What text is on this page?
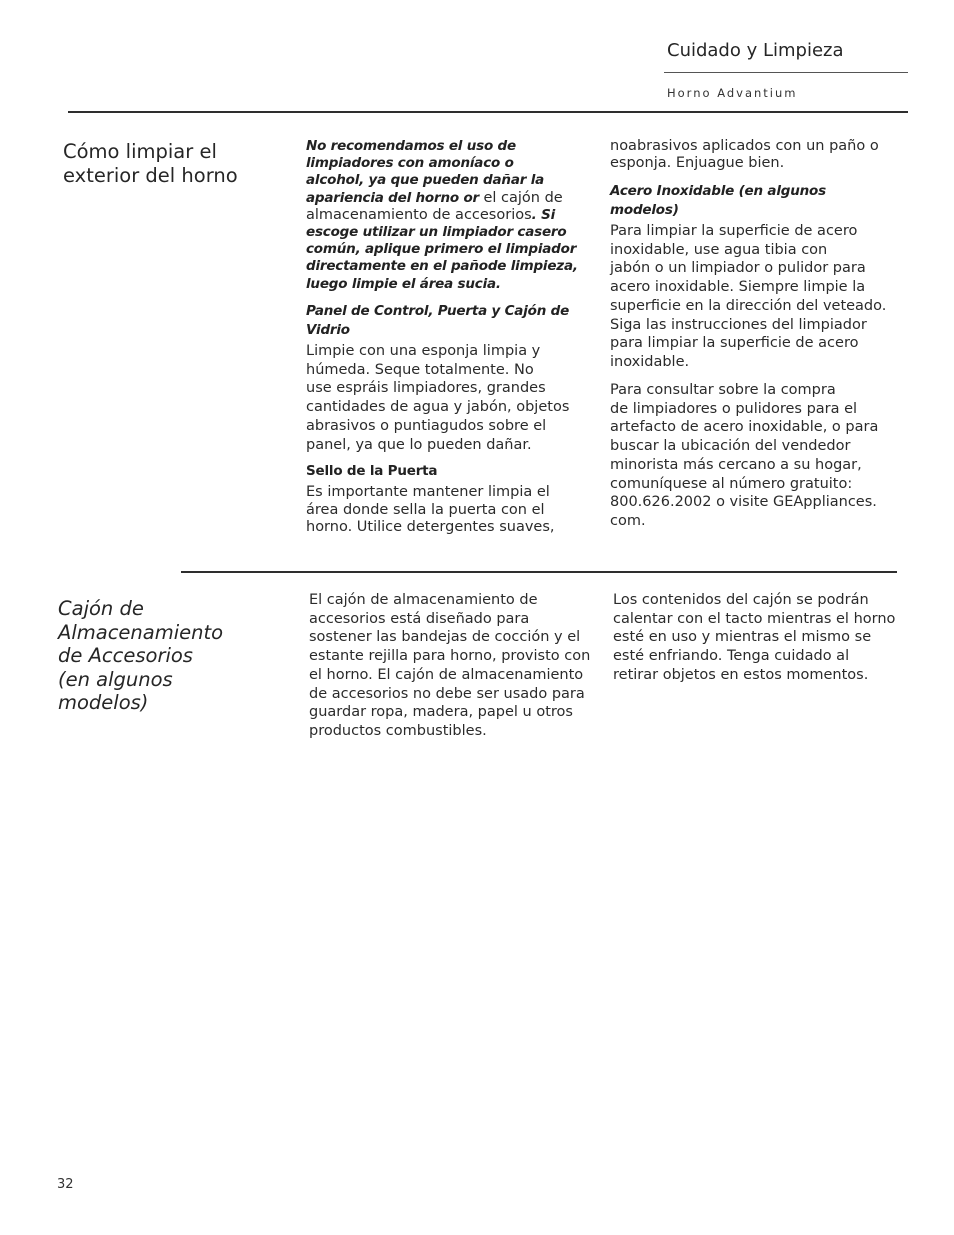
Cuidado y Limpieza
Horno Advantium
Cómo limpiar el
exterior del horno

No recomendamos el uso de
limpiadores con amoníaco o
alcohol, ya que pueden dañar la
apariencia del horno or el cajón de
almacenamiento de accesorios. Si
escoge utilizar un limpiador casero
común, aplique primero el limpiador
directamente en el pañode limpieza,
luego limpie el área sucia.

Panel de Control, Puerta y Cajón de
Vidrio

Limpie con una esponja limpia y
húmeda. Seque totalmente. No
use espráis limpiadores, grandes
cantidades de agua y jabón, objetos
abrasivos o puntiagudos sobre el
panel, ya que lo pueden dañar.

Sello de la Puerta

Es importante mantener limpia el
área donde sella la puerta con el
horno. Utilice detergentes suaves,

noabrasivos aplicados con un paño o
esponja. Enjuague bien.

Acero Inoxidable (en algunos
modelos)

Para limpiar la superficie de acero
inoxidable, use agua tibia con
jabón o un limpiador o pulidor para
acero inoxidable. Siempre limpie la
superficie en la dirección del veteado.
Siga las instrucciones del limpiador
para limpiar la superficie de acero
inoxidable.

Para consultar sobre la compra
de limpiadores o pulidores para el
artefacto de acero inoxidable, o para
buscar la ubicación del vendedor
minorista más cercano a su hogar,
comuníquese al número gratuito:
800.626.2002 o visite GEAppliances.
com.

Cajón de
Almacenamiento
de Accesorios
(en algunos
modelos)

El cajón de almacenamiento de
accesorios está diseñado para
sostener las bandejas de cocción y el
estante rejilla para horno, provisto con
el horno. El cajón de almacenamiento
de accesorios no debe ser usado para
guardar ropa, madera, papel u otros
productos combustibles.

Los contenidos del cajón se podrán
calentar con el tacto mientras el horno
esté en uso y mientras el mismo se
esté enfriando. Tenga cuidado al
retirar objetos en estos momentos.

32
